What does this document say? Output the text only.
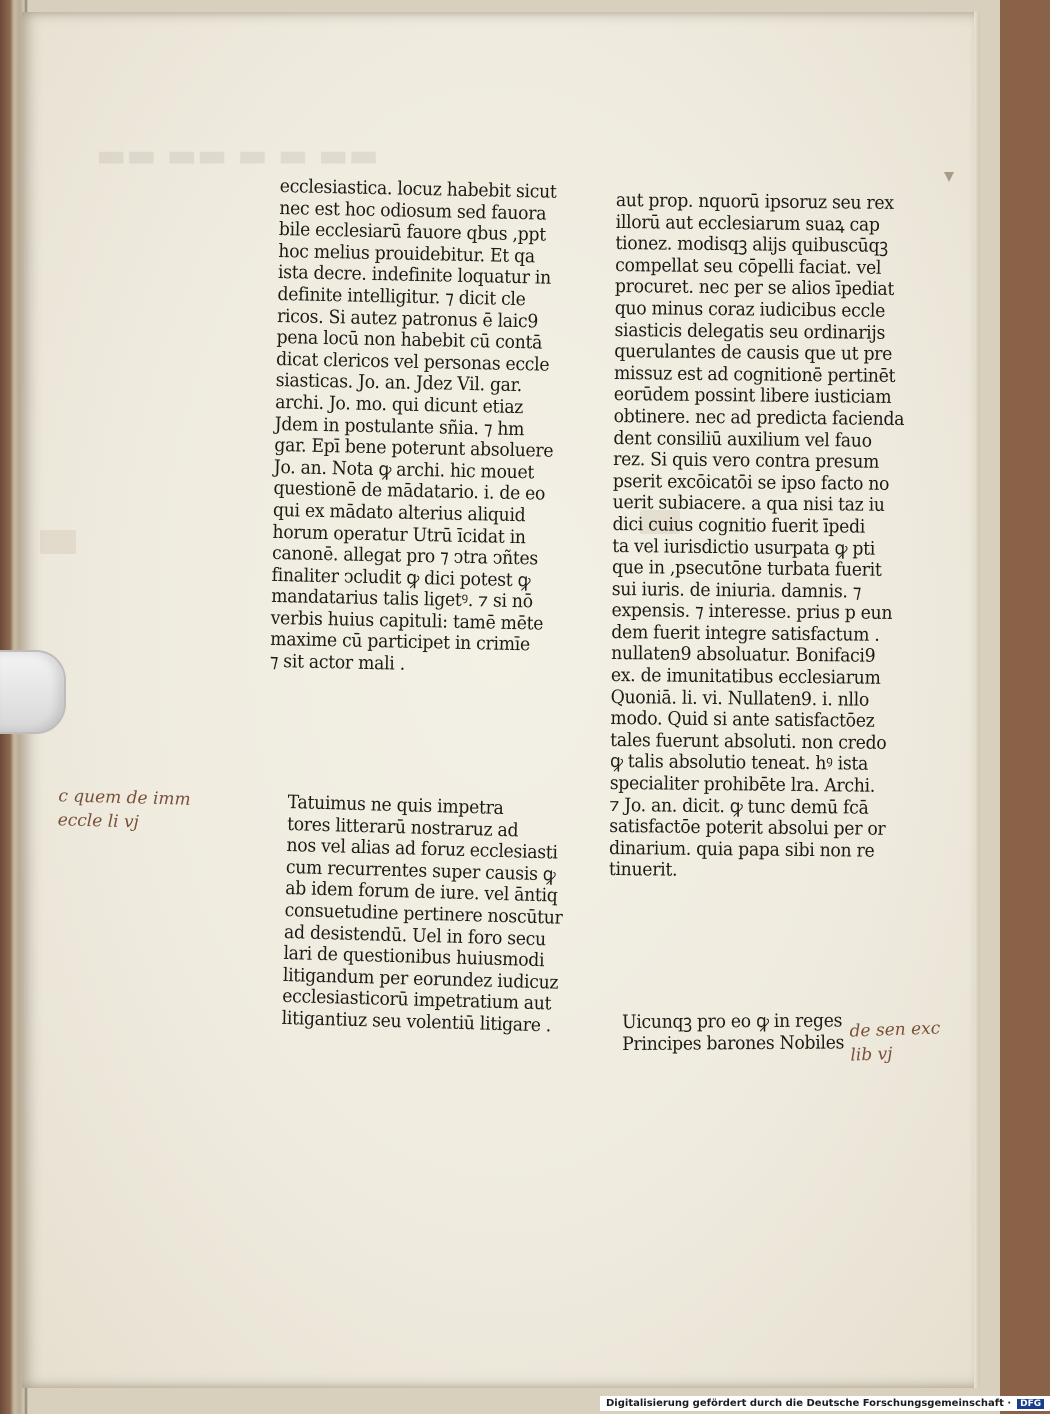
▬▬ ▬▬ ▬ ▬ ▬▬
ecclesiastica. locuz habebit sicut
nec est hoc odiosum sed fauora
bile ecclesiarū fauore qbus ,ppt
hoc melius prouidebitur. Et qa
ista decre. indefinite loquatur in
definite intelligitur. ⁊ dicit cle
ricos. Si autez patronus ē laic9
pena locū non habebit cū contā
dicat clericos vel personas eccle
siasticas. Jo. an. Jdez Vil. gar.
archi. Jo. mo. qui dicunt etiaz
Jdem in postulante sñia. ⁊ hm
gar. Epī bene poterunt absoluere
Jo. an. Nota ꝙ archi. hic mouet
questionē de mādatario. i. de eo
qui ex mādato alterius aliquid
horum operatur Utrū īcidat in
canonē. allegat pro ⁊ ↄtra ↄñtes
finaliter ↄcludit ꝙ dici potest ꝙ
mandatarius talis ligetꝰ. ⁊ si nō
verbis huius capituli: tamē mēte
maxime cū participet in crimīe
⁊ sit actor mali .
aut prop. nquorū ipsoruz seu rex
illorū aut ecclesiarum suaꝝ cap
tionez. modisqꝫ alijs quibuscūqꝫ
compellat seu cōpelli faciat. vel
procuret. nec per se alios īpediat
quo minus coraz iudicibus eccle
siasticis delegatis seu ordinarijs
querulantes de causis que ut pre
missuz est ad cognitionē pertinēt
eorūdem possint libere iusticiam
obtinere. nec ad predicta facienda
dent consiliū auxilium vel fauo
rez. Si quis vero contra presum
pserit excōicatōi se ipso facto no
uerit subiacere. a qua nisi taz iu
dici cuius cognitio fuerit īpedi
ta vel iurisdictio usurpata ꝙ pti
que in ,psecutōne turbata fuerit
sui iuris. de iniuria. damnis. ⁊
expensis. ⁊ interesse. prius p eun
dem fuerit integre satisfactum .
nullaten9 absoluatur. Bonifaci9
ex. de imunitatibus ecclesiarum
Quoniā. li. vi. Nullaten9. i. nllo
modo. Quid si ante satisfactōez
tales fuerunt absoluti. non credo
ꝙ talis absolutio teneat. hꝰ ista
specialiter prohibēte lra. Archi.
⁊ Jo. an. dicit. ꝙ tunc demū fcā
satisfactōe poterit absolui per or
dinarium. quia papa sibi non re
tinuerit.
Tatuimus ne quis impetra
tores litterarū nostraruz ad
nos vel alias ad foruz ecclesiasti
cum recurrentes super causis ꝙ
ab idem forum de iure. vel āntiq
consuetudine pertinere noscūtur
ad desistendū. Uel in foro secu
lari de questionibus huiusmodi
litigandum per eorundez iudicuz
ecclesiasticorū impetratium aut
litigantiuz seu volentiū litigare .	Uicunqꝫ pro eo ꝙ in reges
Principes barones Nobiles
c quem de imm
eccle li vj
de sen exc
lib vj
Digitalisierung gefördert durch die Deutsche Forschungsgemeinschaft · DFG
